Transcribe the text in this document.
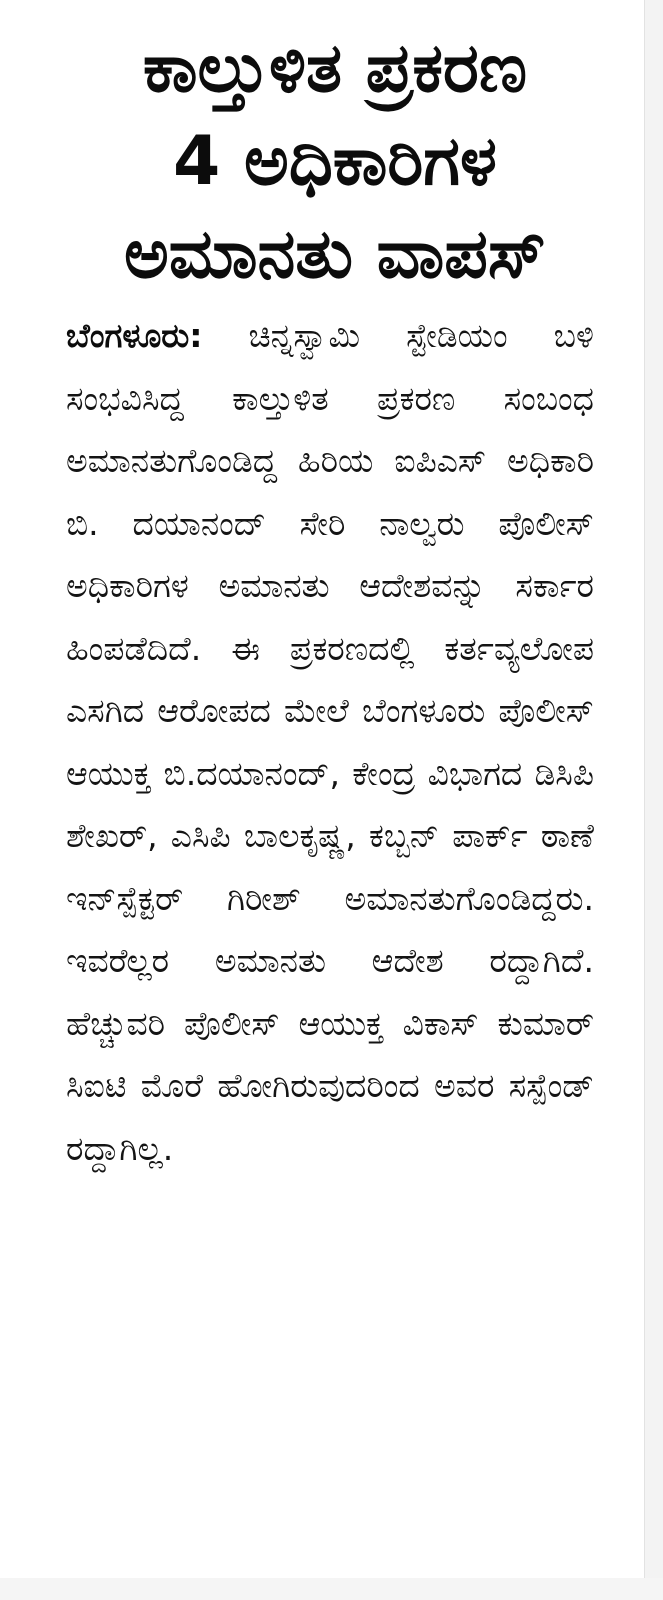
ಕಾಲ್ತುಳಿತ ಪ್ರಕರಣ
4 ಅಧಿಕಾರಿಗಳ
ಅಮಾನತು ವಾಪಸ್

ಬೆಂಗಳೂರು: ಚಿನ್ನಸ್ವಾಮಿ ಸ್ಟೇಡಿಯಂ ಬಳಿ ಸಂಭವಿಸಿದ್ದ ಕಾಲ್ತುಳಿತ ಪ್ರಕರಣ ಸಂಬಂಧ ಅಮಾನತುಗೊಂಡಿದ್ದ ಹಿರಿಯ ಐಪಿಎಸ್ ಅಧಿಕಾರಿ ಬಿ. ದಯಾನಂದ್ ಸೇರಿ ನಾಲ್ವರು ಪೊಲೀಸ್ ಅಧಿಕಾರಿಗಳ ಅಮಾನತು ಆದೇಶವನ್ನು ಸರ್ಕಾರ ಹಿಂಪಡೆದಿದೆ. ಈ ಪ್ರಕರಣದಲ್ಲಿ ಕರ್ತವ್ಯಲೋಪ ಎಸಗಿದ ಆರೋಪದ ಮೇಲೆ ಬೆಂಗಳೂರು ಪೊಲೀಸ್ ಆಯುಕ್ತ ಬಿ.ದಯಾನಂದ್, ಕೇಂದ್ರ ವಿಭಾಗದ ಡಿಸಿಪಿ ಶೇಖರ್, ಎಸಿಪಿ ಬಾಲಕೃಷ್ಣ, ಕಬ್ಬನ್ ಪಾರ್ಕ್ ಠಾಣೆ ಇನ್‌ಸ್ಪೆಕ್ಟರ್ ಗಿರೀಶ್ ಅಮಾನತುಗೊಂಡಿದ್ದರು. ಇವರೆಲ್ಲರ ಅಮಾನತು ಆದೇಶ ರದ್ದಾಗಿದೆ. ಹೆಚ್ಚುವರಿ ಪೊಲೀಸ್ ಆಯುಕ್ತ ವಿಕಾಸ್ ಕುಮಾರ್ ಸಿಐಟಿ ಮೊರೆ ಹೋಗಿರುವುದರಿಂದ ಅವರ ಸಸ್ಪೆಂಡ್ ರದ್ದಾಗಿಲ್ಲ.
